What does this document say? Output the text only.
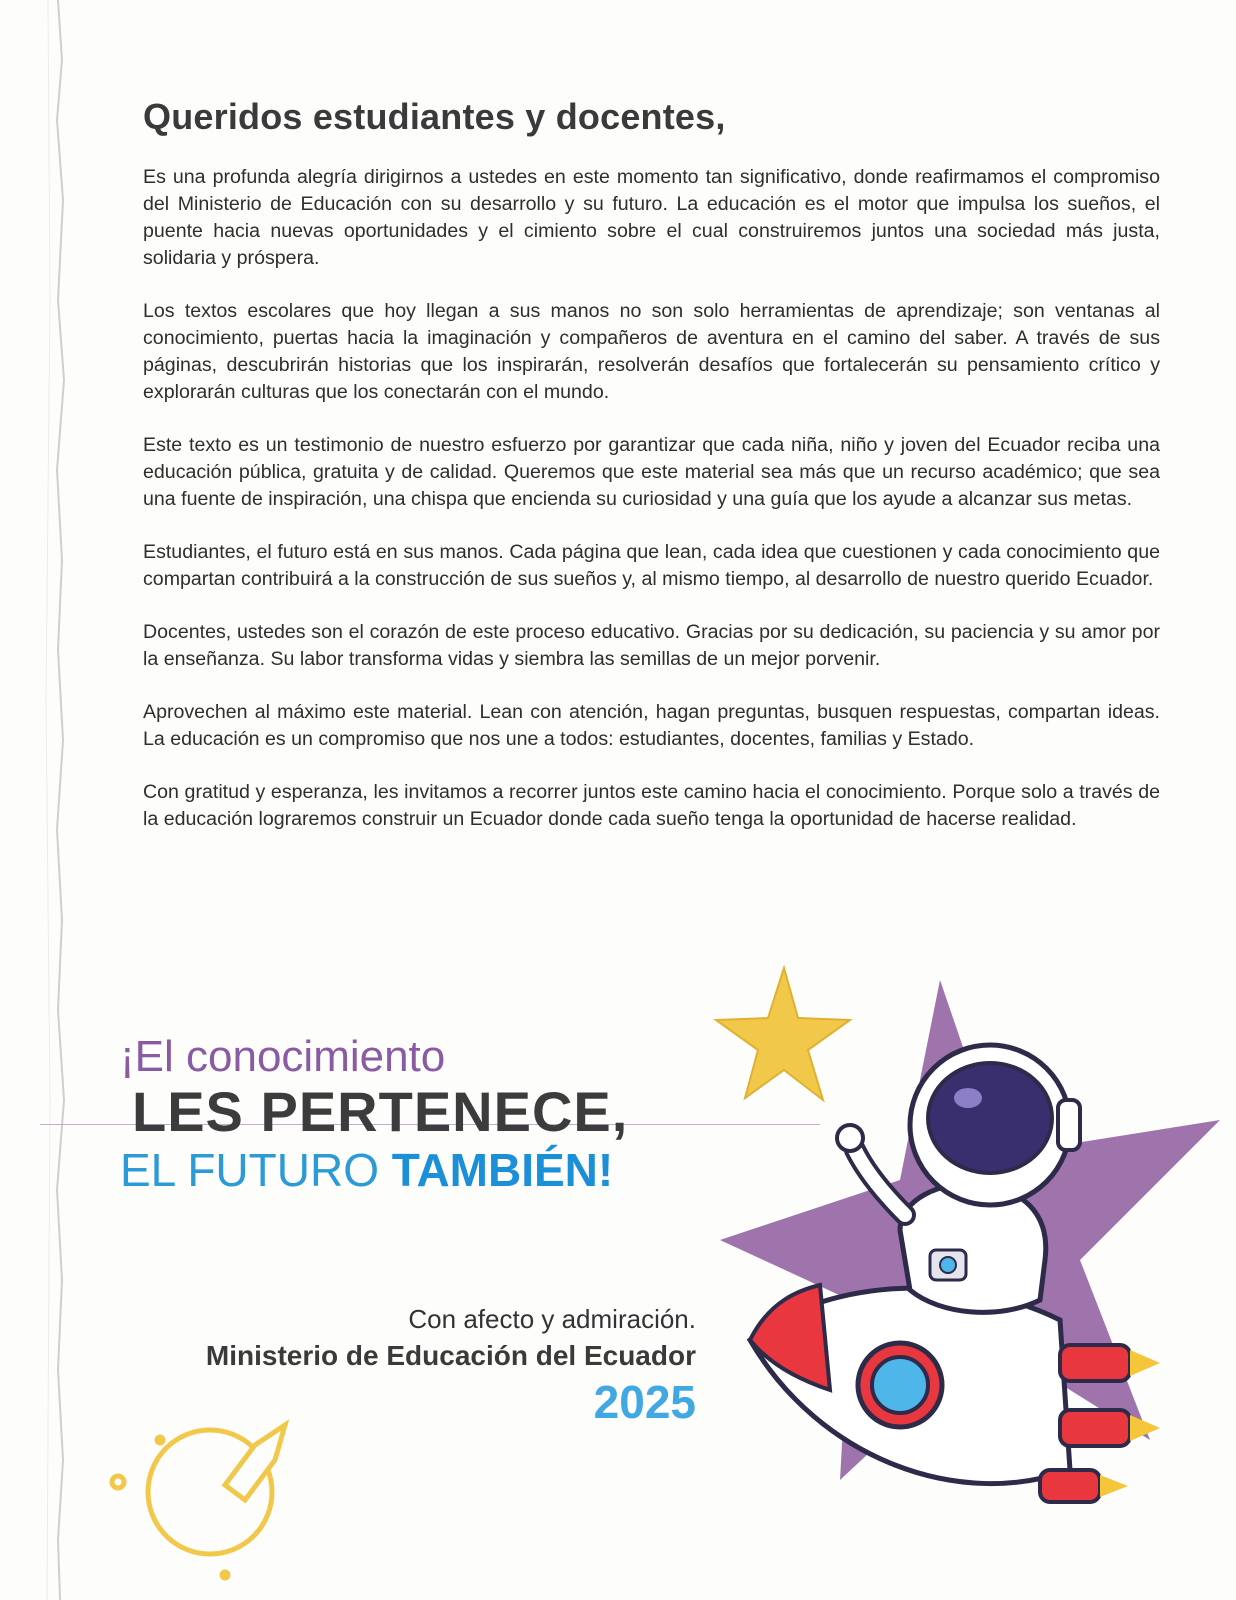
Queridos estudiantes y docentes,

Es una profunda alegría dirigirnos a ustedes en este momento tan significativo, donde reafirmamos el compromiso del Ministerio de Educación con su desarrollo y su futuro. La educación es el motor que impulsa los sueños, el puente hacia nuevas oportunidades y el cimiento sobre el cual construiremos juntos una sociedad más justa, solidaria y próspera.

Los textos escolares que hoy llegan a sus manos no son solo herramientas de aprendizaje; son ventanas al conocimiento, puertas hacia la imaginación y compañeros de aventura en el camino del saber. A través de sus páginas, descubrirán historias que los inspirarán, resolverán desafíos que fortalecerán su pensamiento crítico y explorarán culturas que los conectarán con el mundo.

Este texto es un testimonio de nuestro esfuerzo por garantizar que cada niña, niño y joven del Ecuador reciba una educación pública, gratuita y de calidad. Queremos que este material sea más que un recurso académico; que sea una fuente de inspiración, una chispa que encienda su curiosidad y una guía que los ayude a alcanzar sus metas.

Estudiantes, el futuro está en sus manos. Cada página que lean, cada idea que cuestionen y cada conocimiento que compartan contribuirá a la construcción de sus sueños y, al mismo tiempo, al desarrollo de nuestro querido Ecuador.

Docentes, ustedes son el corazón de este proceso educativo. Gracias por su dedicación, su paciencia y su amor por la enseñanza. Su labor transforma vidas y siembra las semillas de un mejor porvenir.

Aprovechen al máximo este material. Lean con atención, hagan preguntas, busquen respuestas, compartan ideas. La educación es un compromiso que nos une a todos: estudiantes, docentes, familias y Estado.

Con gratitud y esperanza, les invitamos a recorrer juntos este camino hacia el conocimiento. Porque solo a través de la educación lograremos construir un Ecuador donde cada sueño tenga la oportunidad de hacerse realidad.

¡El conocimiento
LES PERTENECE,
EL FUTURO TAMBIÉN!
Con afecto y admiración.
Ministerio de Educación del Ecuador
2025
